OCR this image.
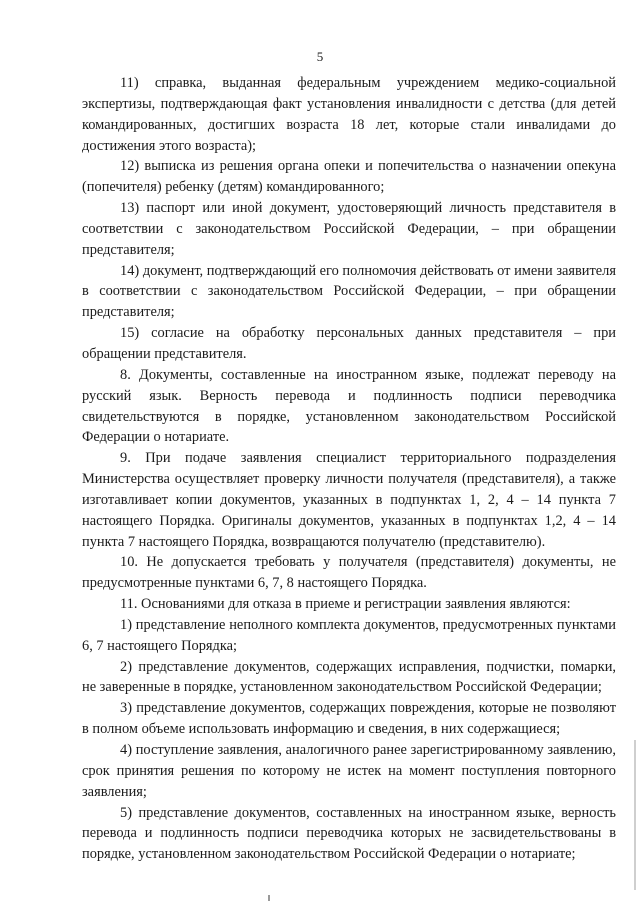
5

11) справка, выданная федеральным учреждением медико-социальной экспертизы, подтверждающая факт установления инвалидности с детства (для детей командированных, достигших возраста 18 лет, которые стали инвалидами до достижения этого возраста);

12) выписка из решения органа опеки и попечительства о назначении опекуна (попечителя) ребенку (детям) командированного;

13) паспорт или иной документ, удостоверяющий личность представителя в соответствии с законодательством Российской Федерации, – при обращении представителя;

14) документ, подтверждающий его полномочия действовать от имени заявителя в соответствии с законодательством Российской Федерации, – при обращении представителя;

15) согласие на обработку персональных данных представителя – при обращении представителя.

8. Документы, составленные на иностранном языке, подлежат переводу на русский язык. Верность перевода и подлинность подписи переводчика свидетельствуются в порядке, установленном законодательством Российской Федерации о нотариате.

9. При подаче заявления специалист территориального подразделения Министерства осуществляет проверку личности получателя (представителя), а также изготавливает копии документов, указанных в подпунктах 1, 2, 4 – 14 пункта 7 настоящего Порядка. Оригиналы документов, указанных в подпунктах 1,2, 4 – 14 пункта 7 настоящего Порядка, возвращаются получателю (представителю).

10. Не допускается требовать у получателя (представителя) документы, не предусмотренные пунктами 6, 7, 8 настоящего Порядка.

11. Основаниями для отказа в приеме и регистрации заявления являются:

1) представление неполного комплекта документов, предусмотренных пунктами 6, 7 настоящего Порядка;

2) представление документов, содержащих исправления, подчистки, помарки, не заверенные в порядке, установленном законодательством Российской Федерации;

3) представление документов, содержащих повреждения, которые не позволяют в полном объеме использовать информацию и сведения, в них содержащиеся;

4) поступление заявления, аналогичного ранее зарегистрированному заявлению, срок принятия решения по которому не истек на момент поступления повторного заявления;

5) представление документов, составленных на иностранном языке, верность перевода и подлинность подписи переводчика которых не засвидетельствованы в порядке, установленном законодательством Российской Федерации о нотариате;
